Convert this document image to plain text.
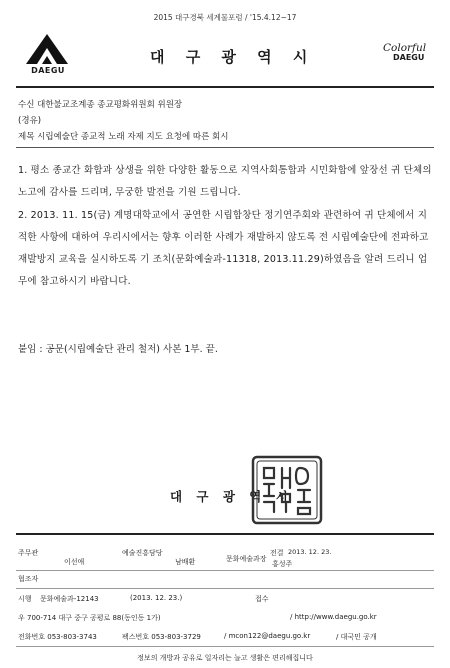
2015 대구경북 세계물포럼 / '15.4.12~17
DAEGU
대 구 광 역 시	Colorful
DAEGU
수신 대한불교조계종 종교평화위원회 위원장
(경유)
제목 시립예술단 종교적 노래 자제 지도 요청에 따른 회시

1. 평소 종교간 화합과 상생을 위한 다양한 활동으로 지역사회통합과 시민화합에 앞장선 귀 단체의 노고에 감사를 드리며, 무궁한 발전을 기원 드립니다.

2. 2013. 11. 15(금) 계명대학교에서 공연한 시립합창단 정기연주회와 관련하여 귀 단체에서 지적한 사항에 대하여 우리시에서는 향후 이러한 사례가 재발하지 않도록 전 시립예술단에 전파하고 재발방지 교육을 실시하도록 기 조치(문화예술과-11318, 2013.11.29)하였음을 알려 드리니 업무에 참고하시기 바랍니다.

붙임 : 공문(시립예술단 관리 철저) 사본 1부. 끝.
대 구 광 역 시
주무관
이선애
예술진흥담당
남배환	문화예술과장
전결 2013. 12. 23.
홍성주
협조자
시행 문화예술과-12143	(2013. 12. 23.)	접수
우 700-714 대구 중구 공평로 88(동인동 1가)	/ http://www.daegu.go.kr
전화번호 053-803-3743	팩스번호 053-803-3729	/ mcon122@daegu.go.kr	/ 대국민 공개
정보의 개방과 공유로 일자리는 늘고 생활은 편리해집니다
